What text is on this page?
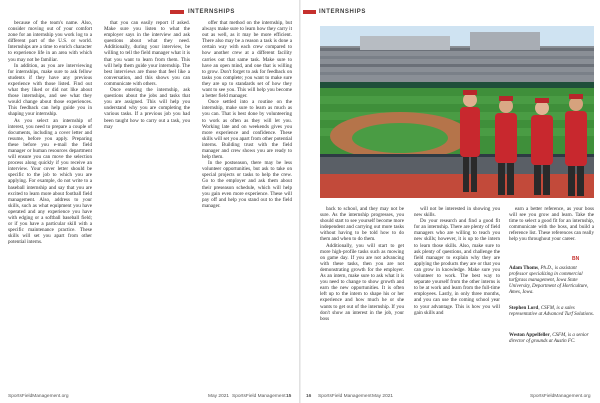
INTERNSHIPS

because of the team's name. Also, consider moving out of your comfort zone for an internship you work log to a different part of the U.S. or world. Internships are a time to enrich character to experience life in an area with which you may not be familiar.

In addition, as you are interviewing for internships, make sure to ask fellow students if they have any previous experience with those listed. Find out what they liked or did not like about those internships, and see what they would change about those experiences. This feedback can help guide you in shaping your internship.

As you select an internship of interest, you need to prepare a couple of documents, including a cover letter and resume, before you apply. Preparing these before you e-mail the field manager or human resources department will ensure you can move the selection process along quickly if you receive an interview. Your cover letter should be specific to the job to which you are applying. For example, do not write to a baseball internship and say that you are excited to learn more about football field management. Also, address to your skills, such as what equipment you have operated and any experience you have with edging or a softball baseball field; or if you have a particular skill with a specific maintenance practice. These skills will set you apart from other potential interns.

that you can easily report if asked. Make sure you listen to what the employer says in the interview and ask questions about what they need. Additionally, during your interview, be willing to tell the field manager what it is that you want to learn from them. This will help them guide your internship. The best interviews are those that feel like a conversation, and this shows you can communicate with others.

Once entering the internship, ask questions about the jobs and tasks that you are assigned. This will help you understand why you are completing the various tasks. If a previous job you had been taught how to carry out a task, you may

offer that method on the internship, but always make sure to learn how they carry it out as well, as it may be more efficient. There also may be a reason a task is done a certain way with each crew compared to how another crew at a different facility carries out that same task. Make sure to have an open mind, and one that is willing to grow. Don't forget to ask for feedback on tasks you complete; you want to make sure they are up to standards set of how they want to see you. This will help you become a better field manager.

Once settled into a routine on the internship, make sure to learn as much as you can. That is best done by volunteering to work as often as they will let you. Working late and on weekends gives you more experience and confidence. These skills will set you apart from other potential interns. Building trust with the field manager and crew shows you are ready to help them.

In the postseason, there may be less volunteer opportunities, but ask to take on special projects or tasks to help the crew. Go to the employer and ask them about their preseason schedule, which will help you gain even more experience. These will pay off and help you stand out to the field manager.

SportsFieldManagement.org	May 2021 SportsField Management 15
INTERNSHIPS

back to school, and they may not be sure. As the internship progresses, you should start to see yourself become more independent and carrying out more tasks without having to be told how to do them and when to do them.

Additionally, you will start to get more high-profile tasks such as mowing on game day. If you are not advancing with these tasks, then you are not demonstrating growth for the employer. As an intern, make sure to ask what it is you need to change to show growth and earn the new opportunities. It is often left up to the intern to shape his or her experience and how much he or she wants to get out of the internship. If you don't show an interest in the job, your boss

will not be interested in showing you new skills.

Do your research and find a good fit for an internship. There are plenty of field managers who are willing to teach you new skills; however, it is up to the intern to learn those skills. Also, make sure to ask plenty of questions, and challenge the field manager to explain why they are applying the products they are or that you can grow in knowledge. Make sure you volunteer to work. The best way to separate yourself from the other interns is to be at work and learn from the full-time employees. Lastly, in only three months, and you can use the coming school year to your advantage. This is how you will gain skills and

earn a better reference, as your boss will see you grow and learn. Take the time to select a good fit for an internship, communicate with the boss, and build a reference list. These references can really help you throughout your career.

BN
Adam Thoms, Ph.D., is assistant professor specializing in commercial turfgrass management, Iowa State University, Department of Horticulture, Ames, Iowa.
Stephen Lord, CSFM, is a sales representative at Advanced Turf Solutions.
Weston Appelfeller, CSFM, is a senior director of grounds at Austin FC.
16 SportsField Management May 2021	SportsFieldManagement.org
